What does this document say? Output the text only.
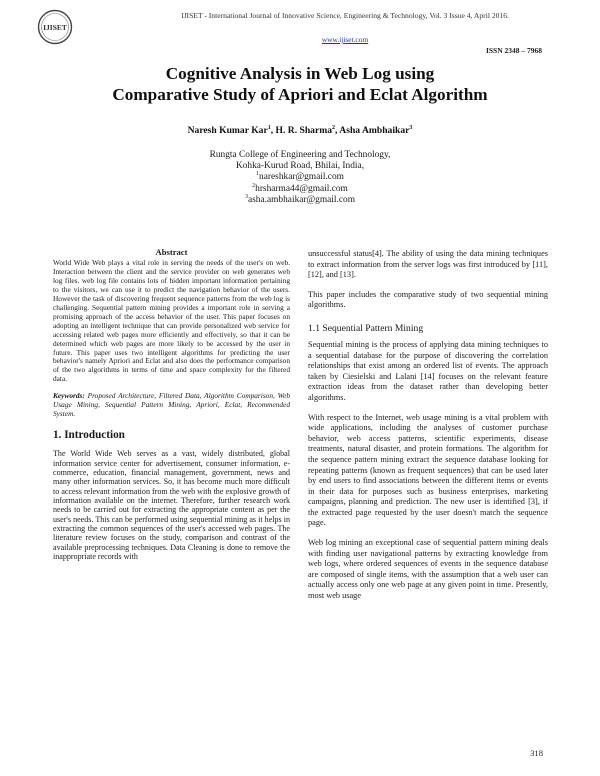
IJISET
IJISET - International Journal of Innovative Science, Engineering & Technology, Vol. 3 Issue 4, April 2016.
www.ijiset.com
ISSN 2348 – 7968
Cognitive Analysis in Web Log using
Comparative Study of Apriori and Eclat Algorithm
Naresh Kumar Kar$^1$, H. R. Sharma$^2$, Asha Ambhaikar$^3$
Rungta College of Engineering and Technology,
Kohka-Kurud Road, Bhilai, India,
$^1$nareshkar@gmail.com
$^2$hrsharma44@gmail.com
$^3$asha.ambhaikar@gmail.com
Abstract

World Wide Web plays a vital role in serving the needs of the user's on web. Interaction between the client and the service provider on web generates web log files. web log file contains lots of hidden important information pertaining to the visitors, we can use it to predict the navigation behavior of the users. However the task of discovering frequent sequence patterns from the web log is challenging. Sequential pattern mining provides a important role in serving a promising approach of the access behavior of the user. This paper focuses on adopting an intelligent technique that can provide personalized web service for accessing related web pages more efficiently and effectively, so that it can be determined which web pages are more likely to be accessed by the user in future. This paper uses two intelligent algorithms for predicting the user behavior's namely Apriori and Eclat and also does the performance comparison of the two algorithms in terms of time and space complexity for the filtered data.

Keywords: Proposed Architecture, Filtered Data, Algorithm Comparison, Web Usage Mining, Sequential Pattern Mining, Apriori, Eclat, Recommended System.

1. Introduction

The World Wide Web serves as a vast, widely distributed, global information service center for advertisement, consumer information, e-commerce, education, financial management, government, news and many other information services. So, it has become much more difficult to access relevant information from the web with the explosive growth of information available on the internet. Therefore, further research work needs to be carried out for extracting the appropriate content as per the user's needs. This can be performed using sequential mining as it helps in extracting the common sequences of the user's accessed web pages. The literature review focuses on the study, comparison and contrast of the available preprocessing techniques. Data Cleaning is done to remove the inappropriate records with

unsuccessful status[4]. The ability of using the data mining techniques to extract information from the server logs was first introduced by [11], [12], and [13].

This paper includes the comparative study of two sequential mining algorithms.

1.1 Sequential Pattern Mining

Sequential mining is the process of applying data mining techniques to a sequential database for the purpose of discovering the correlation relationships that exist among an ordered list of events. The approach taken by Ciesielski and Lalani [14] focuses on the relevant feature extraction ideas from the dataset rather than developing better algorithms.

With respect to the Internet, web usage mining is a vital problem with wide applications, including the analyses of customer purchase behavior, web access patterns, scientific experiments, disease treatments, natural disaster, and protein formations. The algorithm for the sequence pattern mining extract the sequence database looking for repeating patterns (known as frequent sequences) that can be used later by end users to find associations between the different items or events in their data for purposes such as business enterprises, marketing campaigns, planning and prediction. The new user is identified [3], if the extracted page requested by the user doesn't match the sequence page.

Web log mining an exceptional case of sequential pattern mining deals with finding user navigational patterns by extracting knowledge from web logs, where ordered sequences of events in the sequence database are composed of single items, with the assumption that a web user can actually access only one web page at any given point in time. Presently, most web usage

318
